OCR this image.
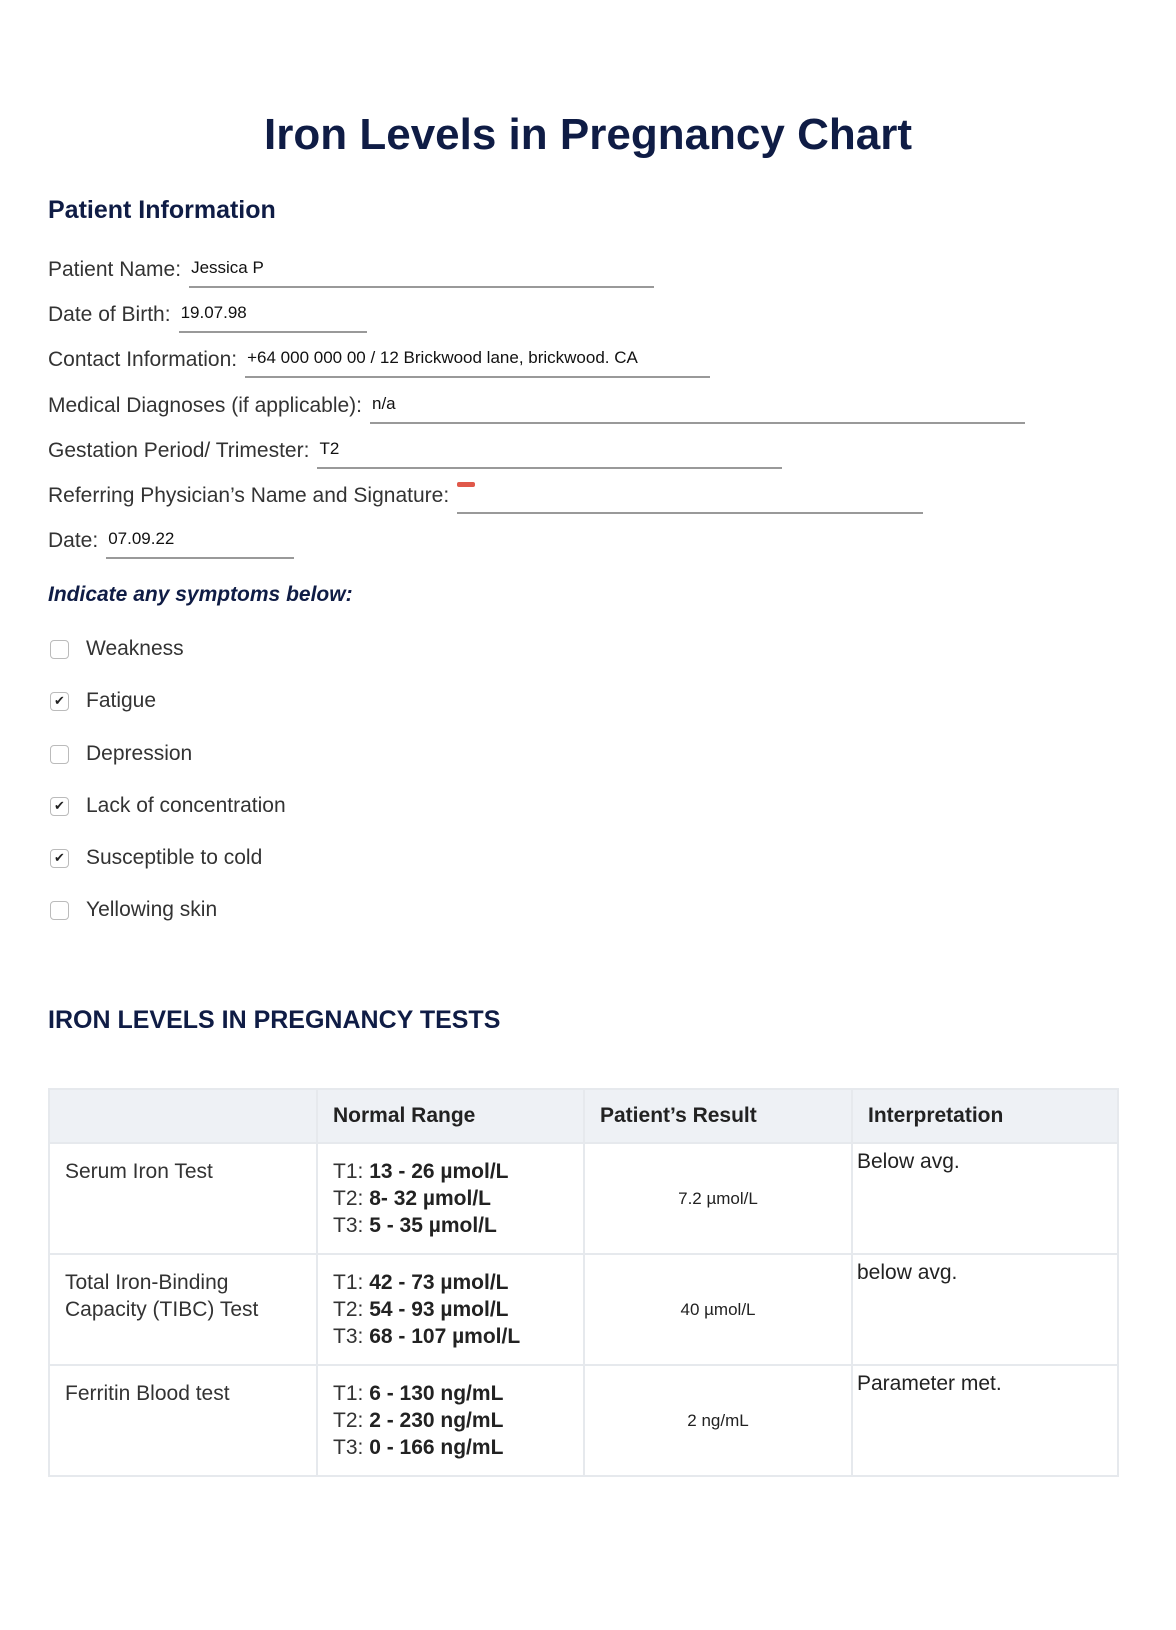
Iron Levels in Pregnancy Chart
Patient Information
Patient Name: Jessica P
Date of Birth: 19.07.98
Contact Information: +64 000 000 00 / 12 Brickwood lane, brickwood. CA
Medical Diagnoses (if applicable): n/a
Gestation Period/ Trimester: T2
Referring Physician’s Name and Signature:
Date: 07.09.22
Indicate any symptoms below:
Weakness
✔ Fatigue
Depression
✔ Lack of concentration
✔ Susceptible to cold
Yellowing skin
IRON LEVELS IN PREGNANCY TESTS
	Normal Range	Patient’s Result	Interpretation
Serum Iron Test	T1: 13 - 26 µmol/L
T2: 8- 32 µmol/L
T3: 5 - 35 µmol/L	7.2 µmol/L	Below avg.
Total Iron-Binding Capacity (TIBC) Test	T1: 42 - 73 µmol/L
T2: 54 - 93 µmol/L
T3: 68 - 107 µmol/L	40 µmol/L	below avg.
Ferritin Blood test	T1: 6 - 130 ng/mL
T2: 2 - 230 ng/mL
T3: 0 - 166 ng/mL	2 ng/mL	Parameter met.
